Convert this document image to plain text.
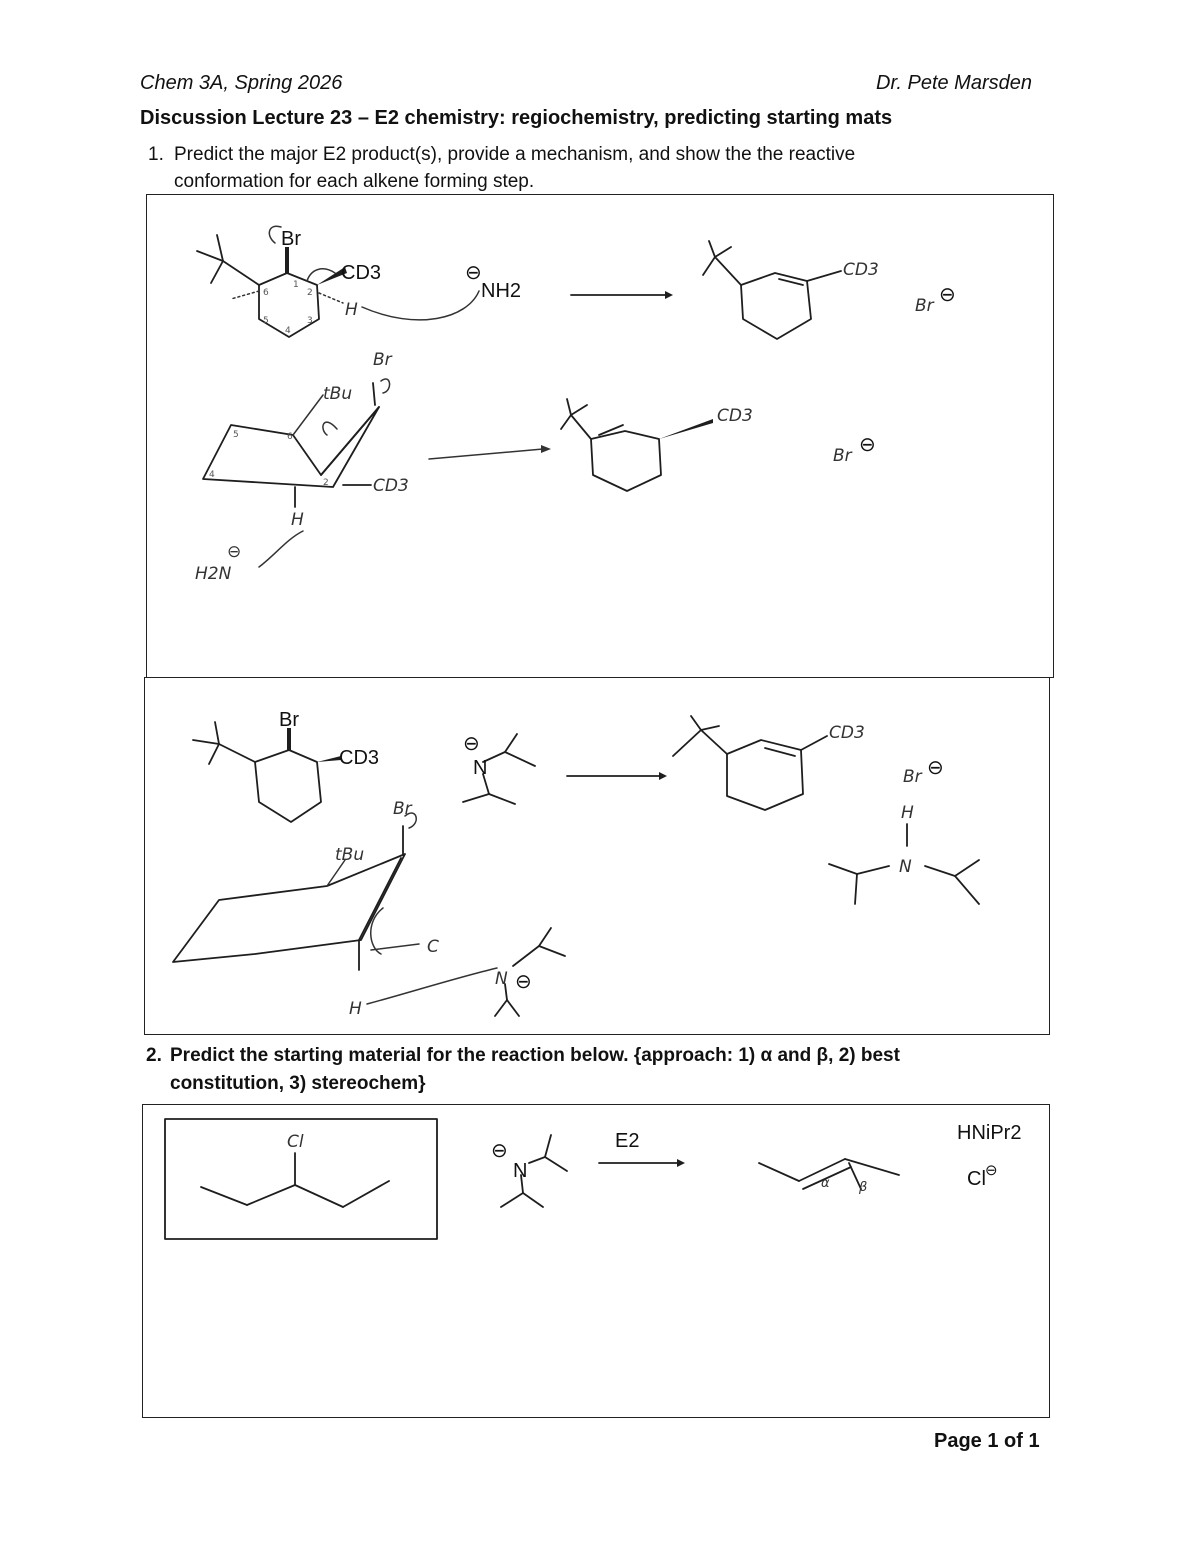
Chem 3A, Spring 2026	Dr. Pete Marsden
Discussion Lecture 23 – E2 chemistry: regiochemistry, predicting starting mats
1. Predict the major E2 product(s), provide a mechanism, and show the the reactive
conformation for each alkene forming step.
6
1
2
3
4
5
Br
CD3
H
⊖
NH2
CD3
Br ⊖
5	6
4
2
tBu
Br
CD3
H
⊖
H2N
CD3
Br ⊖
Br
CD3
⊖
N
CD3
Br ⊖
H
N
tBu
Br
C
H
N ⊖
2. Predict the starting material for the reaction below. {approach: 1) α and β, 2) best
constitution, 3) stereochem}
Cl	⊖
N
E2
α β
HNiPr2
Cl ⊖
Page 1 of 1
